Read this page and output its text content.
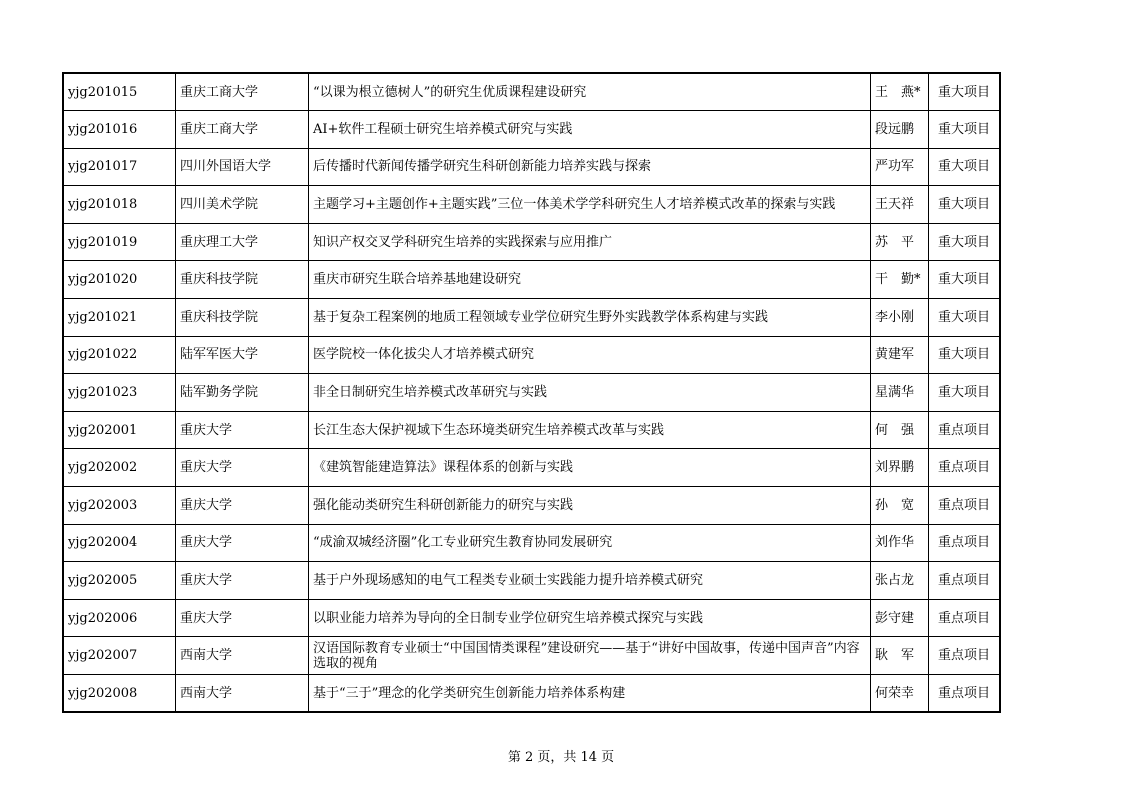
yjg201015	重庆工商大学	“以课为根立德树人”的研究生优质课程建设研究	王　燕*	重大项目
yjg201016	重庆工商大学	AI+软件工程硕士研究生培养模式研究与实践	段远鹏	重大项目
yjg201017	四川外国语大学	后传播时代新闻传播学研究生科研创新能力培养实践与探索	严功军	重大项目
yjg201018	四川美术学院	主题学习+主题创作+主题实践”三位一体美术学学科研究生人才培养模式改革的探索与实践	王天祥	重大项目
yjg201019	重庆理工大学	知识产权交叉学科研究生培养的实践探索与应用推广	苏　平	重大项目
yjg201020	重庆科技学院	重庆市研究生联合培养基地建设研究	干　勤*	重大项目
yjg201021	重庆科技学院	基于复杂工程案例的地质工程领域专业学位研究生野外实践教学体系构建与实践	李小刚	重大项目
yjg201022	陆军军医大学	医学院校一体化拔尖人才培养模式研究	黄建军	重大项目
yjg201023	陆军勤务学院	非全日制研究生培养模式改革研究与实践	星满华	重大项目
yjg202001	重庆大学	长江生态大保护视域下生态环境类研究生培养模式改革与实践	何　强	重点项目
yjg202002	重庆大学	《建筑智能建造算法》课程体系的创新与实践	刘界鹏	重点项目
yjg202003	重庆大学	强化能动类研究生科研创新能力的研究与实践	孙　宽	重点项目
yjg202004	重庆大学	“成渝双城经济圈”化工专业研究生教育协同发展研究	刘作华	重点项目
yjg202005	重庆大学	基于户外现场感知的电气工程类专业硕士实践能力提升培养模式研究	张占龙	重点项目
yjg202006	重庆大学	以职业能力培养为导向的全日制专业学位研究生培养模式探究与实践	彭守建	重点项目
yjg202007	西南大学	汉语国际教育专业硕士“中国国情类课程”建设研究——基于“讲好中国故事，传递中国声音”内容选取的视角	耿　军	重点项目
yjg202008	西南大学	基于“三于”理念的化学类研究生创新能力培养体系构建	何荣幸	重点项目
第 2 页，共 14 页
